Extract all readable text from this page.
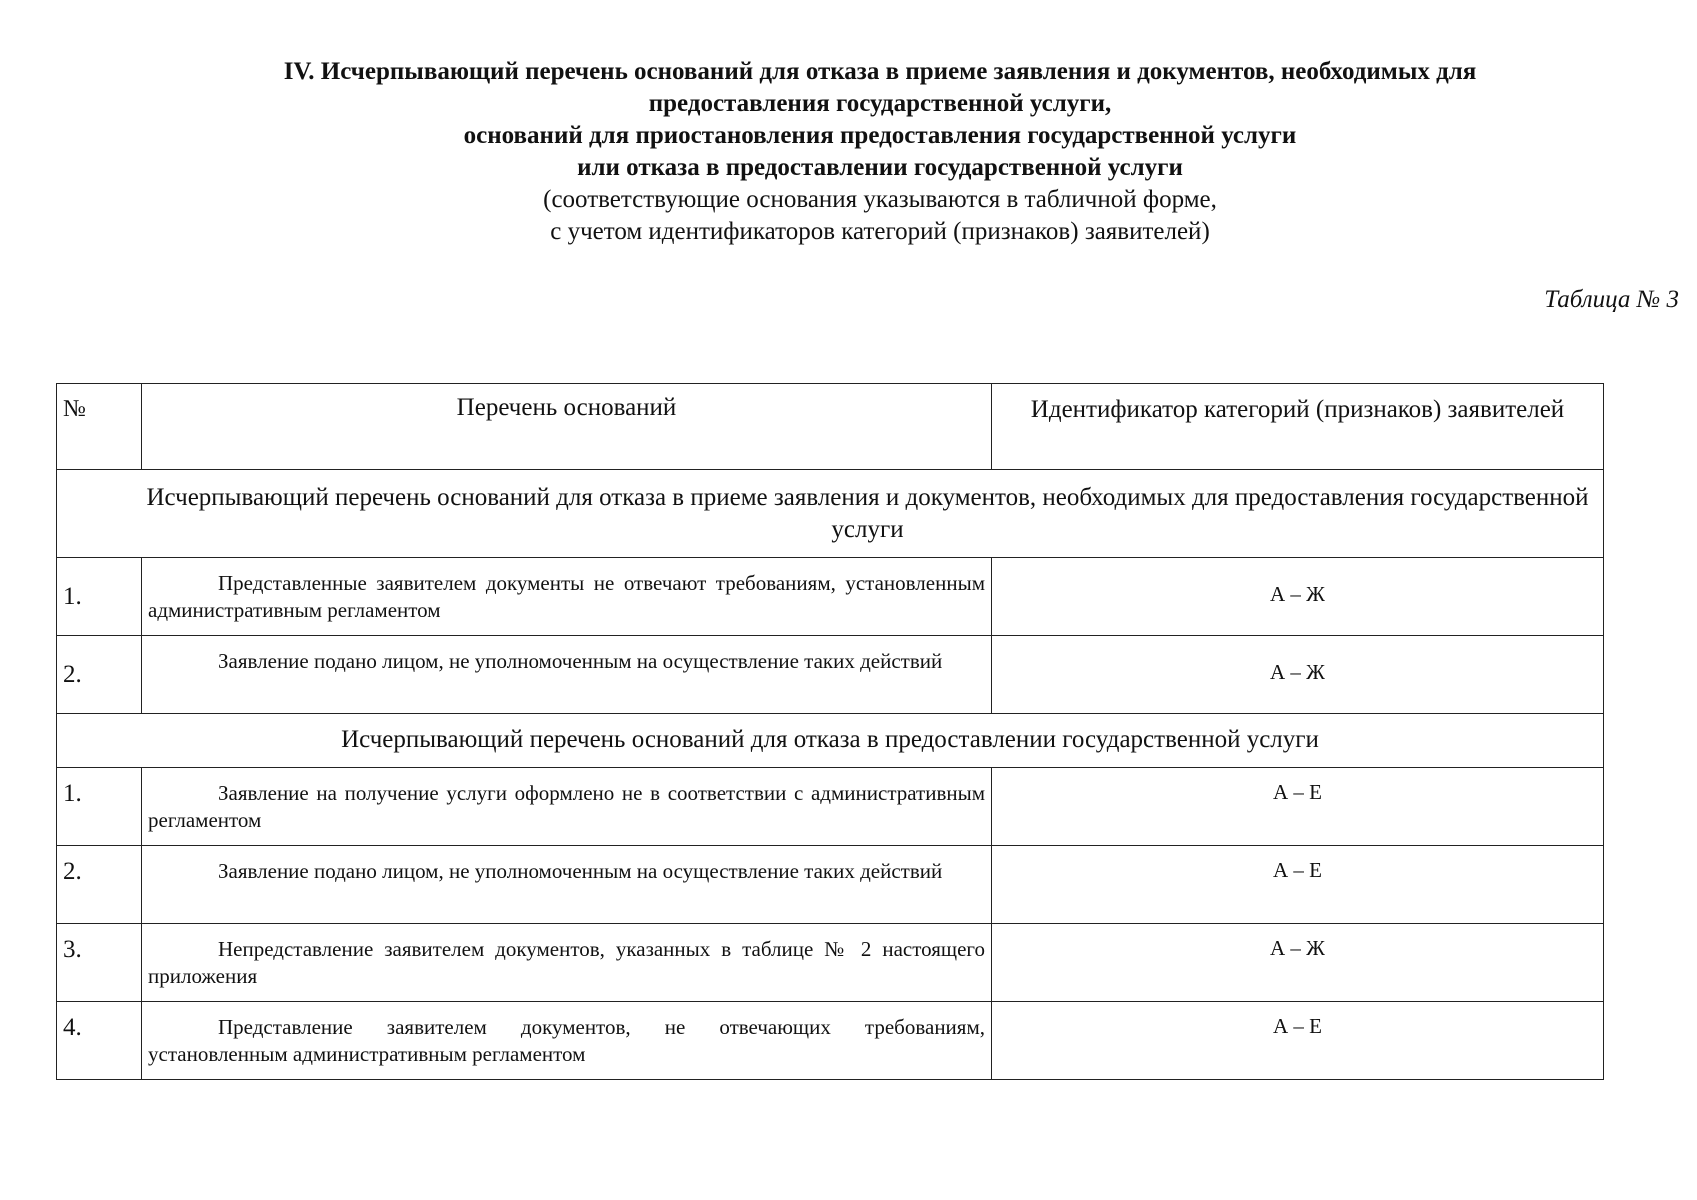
IV. Исчерпывающий перечень оснований для отказа в приеме заявления и документов, необходимых для
предоставления государственной услуги,
оснований для приостановления предоставления государственной услуги
или отказа в предоставлении государственной услуги
(соответствующие основания указываются в табличной форме,
с учетом идентификаторов категорий (признаков) заявителей)
Таблица № 3
№	Перечень оснований	Идентификатор категорий (признаков) заявителей
Исчерпывающий перечень оснований для отказа в приеме заявления и документов, необходимых для предоставления государственной услуги		
1.	Представленные заявителем документы не отвечают требованиям, установленным административным регламентом	А – Ж
2.	Заявление подано лицом, не уполномоченным на осуществление таких действий	А – Ж
Исчерпывающий перечень оснований для отказа в предоставлении государственной услуги		
1.	Заявление на получение услуги оформлено не в соответствии с административным регламентом	А – Е
2.	Заявление подано лицом, не уполномоченным на осуществление таких действий	А – Е
3.	Непредставление заявителем документов, указанных в таблице № 2 настоящего приложения	А – Ж
4.	Представление заявителем документов, не отвечающих требованиям, установленным административным регламентом	А – Е
